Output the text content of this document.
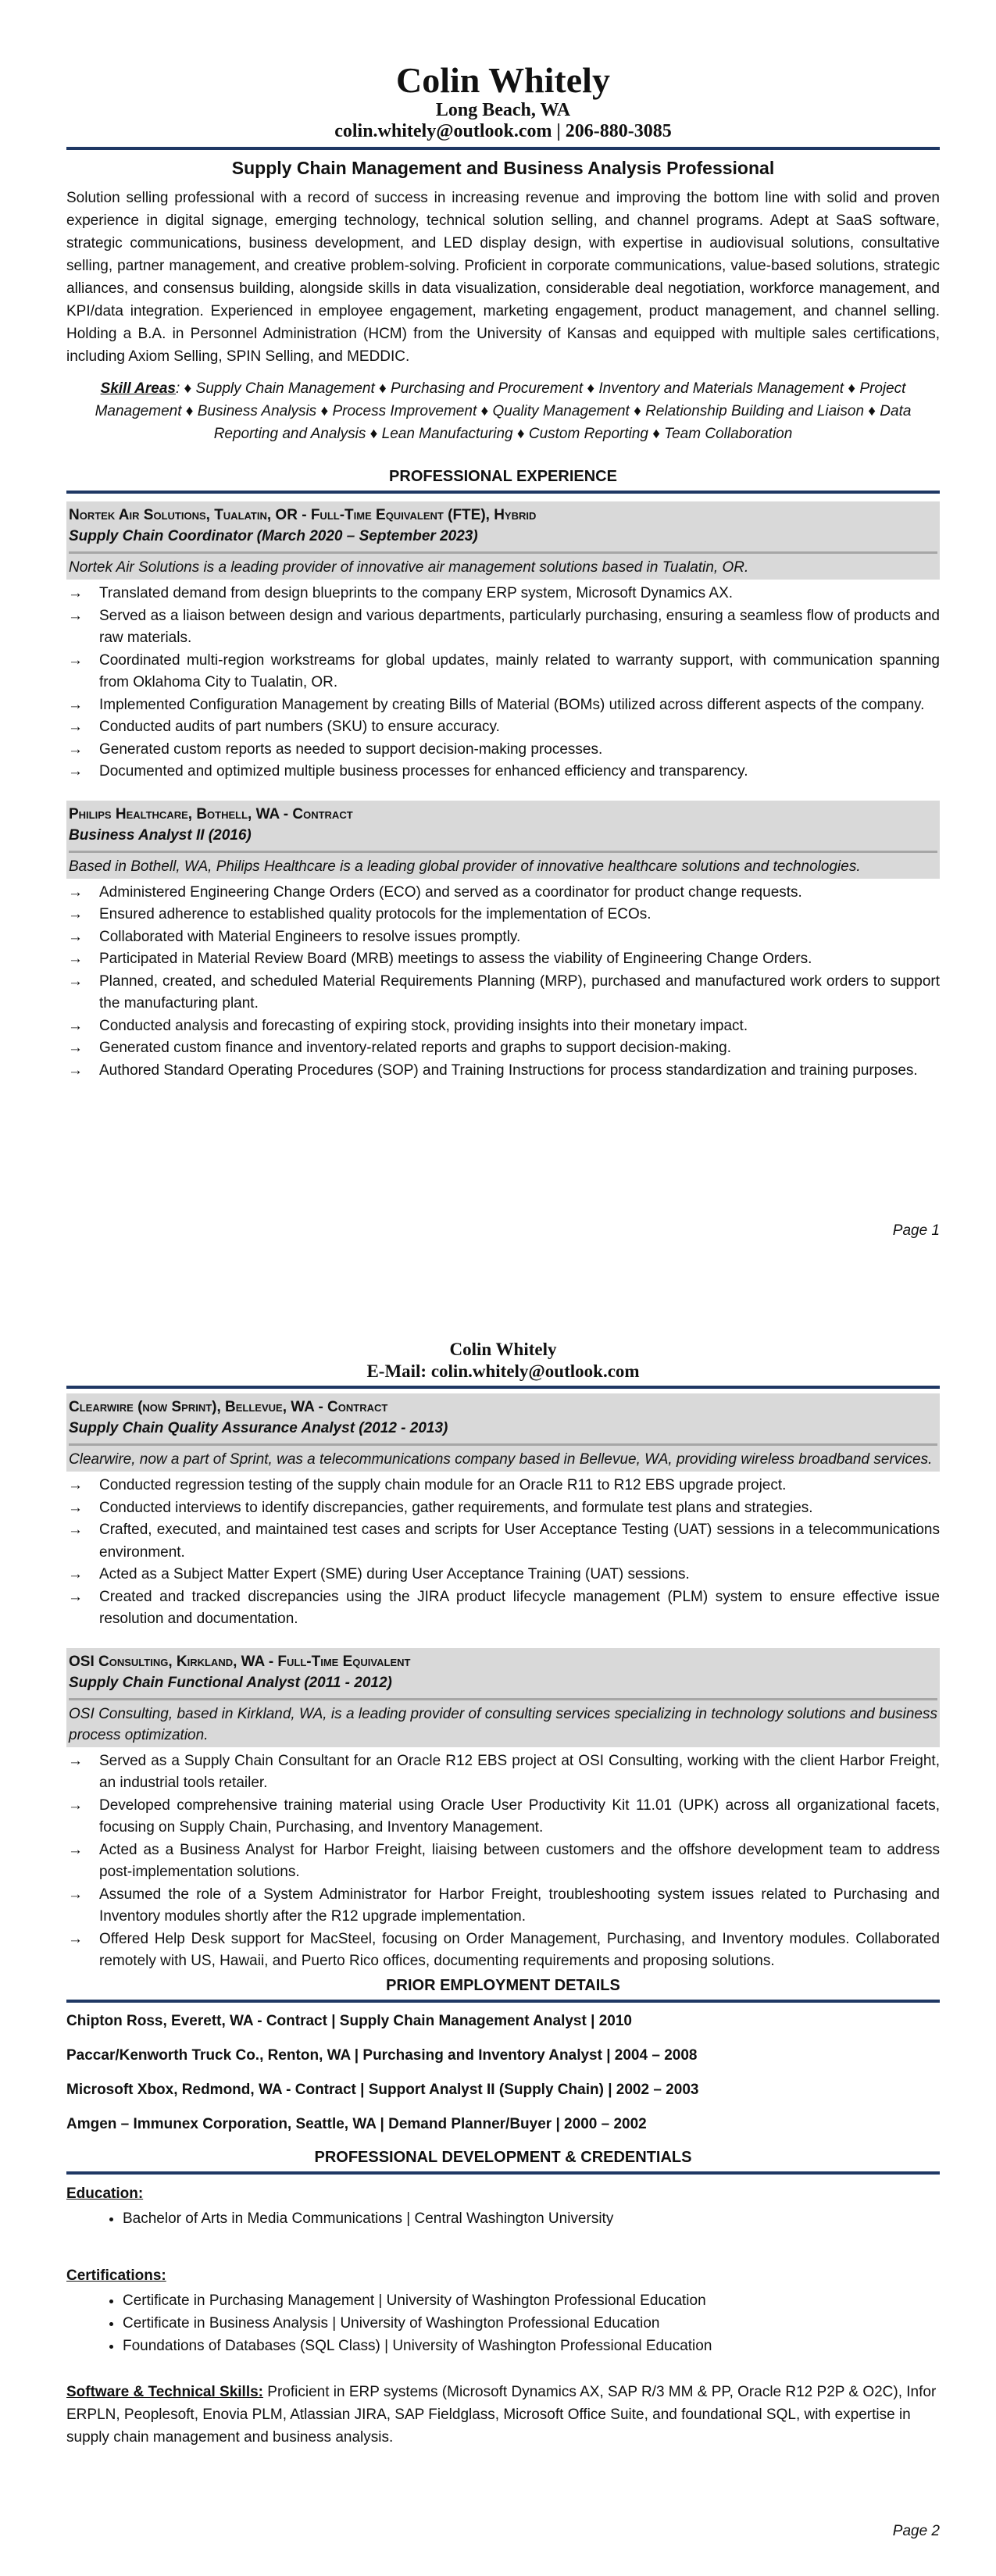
Colin Whitely
Long Beach, WA
colin.whitely@outlook.com | 206-880-3085
Supply Chain Management and Business Analysis Professional

Solution selling professional with a record of success in increasing revenue and improving the bottom line with solid and proven experience in digital signage, emerging technology, technical solution selling, and channel programs. Adept at SaaS software, strategic communications, business development, and LED display design, with expertise in audiovisual solutions, consultative selling, partner management, and creative problem-solving. Proficient in corporate communications, value-based solutions, strategic alliances, and consensus building, alongside skills in data visualization, considerable deal negotiation, workforce management, and KPI/data integration. Experienced in employee engagement, marketing engagement, product management, and channel selling. Holding a B.A. in Personnel Administration (HCM) from the University of Kansas and equipped with multiple sales certifications, including Axiom Selling, SPIN Selling, and MEDDIC.

Skill Areas: ♦ Supply Chain Management ♦ Purchasing and Procurement ♦ Inventory and Materials Management ♦ Project Management ♦ Business Analysis ♦ Process Improvement ♦ Quality Management ♦ Relationship Building and Liaison ♦ Data Reporting and Analysis ♦ Lean Manufacturing ♦ Custom Reporting ♦ Team Collaboration

PROFESSIONAL EXPERIENCE
Nortek Air Solutions, Tualatin, OR - Full-Time Equivalent (FTE), Hybrid
Supply Chain Coordinator (March 2020 – September 2023)
Nortek Air Solutions is a leading provider of innovative air management solutions based in Tualatin, OR.
→ Translated demand from design blueprints to the company ERP system, Microsoft Dynamics AX.
→ Served as a liaison between design and various departments, particularly purchasing, ensuring a seamless flow of products and raw materials.
→ Coordinated multi-region workstreams for global updates, mainly related to warranty support, with communication spanning from Oklahoma City to Tualatin, OR.
→ Implemented Configuration Management by creating Bills of Material (BOMs) utilized across different aspects of the company.
→ Conducted audits of part numbers (SKU) to ensure accuracy.
→ Generated custom reports as needed to support decision-making processes.
→ Documented and optimized multiple business processes for enhanced efficiency and transparency.
Philips Healthcare, Bothell, WA - Contract
Business Analyst II (2016)
Based in Bothell, WA, Philips Healthcare is a leading global provider of innovative healthcare solutions and technologies.
→ Administered Engineering Change Orders (ECO) and served as a coordinator for product change requests.
→ Ensured adherence to established quality protocols for the implementation of ECOs.
→ Collaborated with Material Engineers to resolve issues promptly.
→ Participated in Material Review Board (MRB) meetings to assess the viability of Engineering Change Orders.
→ Planned, created, and scheduled Material Requirements Planning (MRP), purchased and manufactured work orders to support the manufacturing plant.
→ Conducted analysis and forecasting of expiring stock, providing insights into their monetary impact.
→ Generated custom finance and inventory-related reports and graphs to support decision-making.
→ Authored Standard Operating Procedures (SOP) and Training Instructions for process standardization and training purposes.
Page 1
Colin Whitely
E-Mail: colin.whitely@outlook.com
Clearwire (now Sprint), Bellevue, WA - Contract
Supply Chain Quality Assurance Analyst (2012 - 2013)
Clearwire, now a part of Sprint, was a telecommunications company based in Bellevue, WA, providing wireless broadband services.
→ Conducted regression testing of the supply chain module for an Oracle R11 to R12 EBS upgrade project.
→ Conducted interviews to identify discrepancies, gather requirements, and formulate test plans and strategies.
→ Crafted, executed, and maintained test cases and scripts for User Acceptance Testing (UAT) sessions in a telecommunications environment.
→ Acted as a Subject Matter Expert (SME) during User Acceptance Training (UAT) sessions.
→ Created and tracked discrepancies using the JIRA product lifecycle management (PLM) system to ensure effective issue resolution and documentation.
OSI Consulting, Kirkland, WA - Full-Time Equivalent
Supply Chain Functional Analyst (2011 - 2012)
OSI Consulting, based in Kirkland, WA, is a leading provider of consulting services specializing in technology solutions and business process optimization.
→ Served as a Supply Chain Consultant for an Oracle R12 EBS project at OSI Consulting, working with the client Harbor Freight, an industrial tools retailer.
→ Developed comprehensive training material using Oracle User Productivity Kit 11.01 (UPK) across all organizational facets, focusing on Supply Chain, Purchasing, and Inventory Management.
→ Acted as a Business Analyst for Harbor Freight, liaising between customers and the offshore development team to address post-implementation solutions.
→ Assumed the role of a System Administrator for Harbor Freight, troubleshooting system issues related to Purchasing and Inventory modules shortly after the R12 upgrade implementation.
→ Offered Help Desk support for MacSteel, focusing on Order Management, Purchasing, and Inventory modules. Collaborated remotely with US, Hawaii, and Puerto Rico offices, documenting requirements and proposing solutions.
PRIOR EMPLOYMENT DETAILS
Chipton Ross, Everett, WA - Contract | Supply Chain Management Analyst | 2010
Paccar/Kenworth Truck Co., Renton, WA | Purchasing and Inventory Analyst | 2004 – 2008
Microsoft Xbox, Redmond, WA - Contract | Support Analyst II (Supply Chain) | 2002 – 2003
Amgen – Immunex Corporation, Seattle, WA | Demand Planner/Buyer | 2000 – 2002
PROFESSIONAL DEVELOPMENT & CREDENTIALS
Education:
• Bachelor of Arts in Media Communications | Central Washington University
Certifications:
• Certificate in Purchasing Management | University of Washington Professional Education
• Certificate in Business Analysis | University of Washington Professional Education
• Foundations of Databases (SQL Class) | University of Washington Professional Education
Software & Technical Skills: Proficient in ERP systems (Microsoft Dynamics AX, SAP R/3 MM & PP, Oracle R12 P2P & O2C), Infor ERPLN, Peoplesoft, Enovia PLM, Atlassian JIRA, SAP Fieldglass, Microsoft Office Suite, and foundational SQL, with expertise in supply chain management and business analysis.
Page 2
